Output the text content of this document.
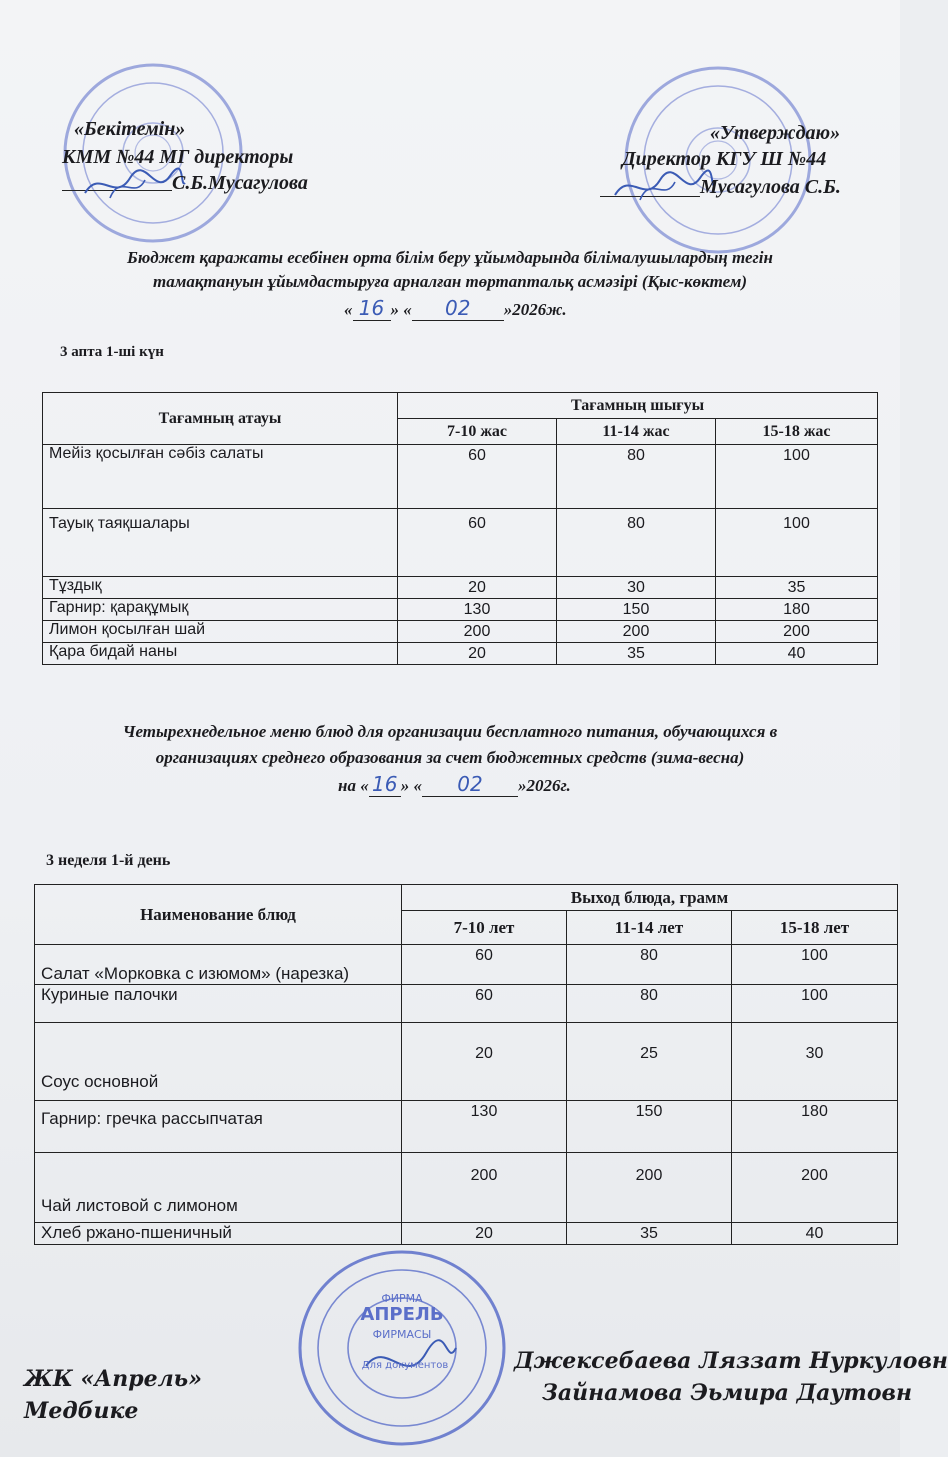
«Бекітемін»
КММ №44 МГ директоры
С.Б.Мусагулова
«Утверждаю»
Директор КГУ Ш №44
Мусагулова С.Б.
Бюджет қаражаты есебінен орта білім беру ұйымдарында білімалушылардың тегін
тамақтануын ұйымдастыруға арналған төртаптальқ асмәзірі (Қыс-көктем)
« 16 » « 02 »2026ж.
3 апта 1-ші күн
Тағамның атауы	Тағамның шығуы		
	7-10 жас	11-14 жас	15-18 жас
Мейіз қосылған сәбіз салаты	60	80	100
Тауық таяқшалары	60	80	100
Тұздық	20	30	35
Гарнир: қарақұмық	130	150	180
Лимон қосылған шай	200	200	200
Қара бидай наны	20	35	40
Четырехнедельное меню блюд для организации бесплатного питания, обучающихся в
организациях среднего образования за счет бюджетных средств (зима-весна)
на « 16 » « 02 »2026г.
3 неделя 1-й день
Наименование блюд	Выход блюда, грамм		
	7-10 лет	11-14 лет	15-18 лет
Салат «Морковка с изюмом» (нарезка)	60	80	100
Куриные палочки	60	80	100
Соус основной	20	25	30
Гарнир: гречка рассыпчатая	130	150	180
Чай листовой с лимоном	200	200	200
Хлеб ржано-пшеничный	20	35	40
ЖК «Апрель»
Медбике
ФИРМА
АПРЕЛЬ
ФИРМАСЫ
Для документов	Джексебаева Ляззат Нуркуловн
Зайнамова Эьмира Даутовн
